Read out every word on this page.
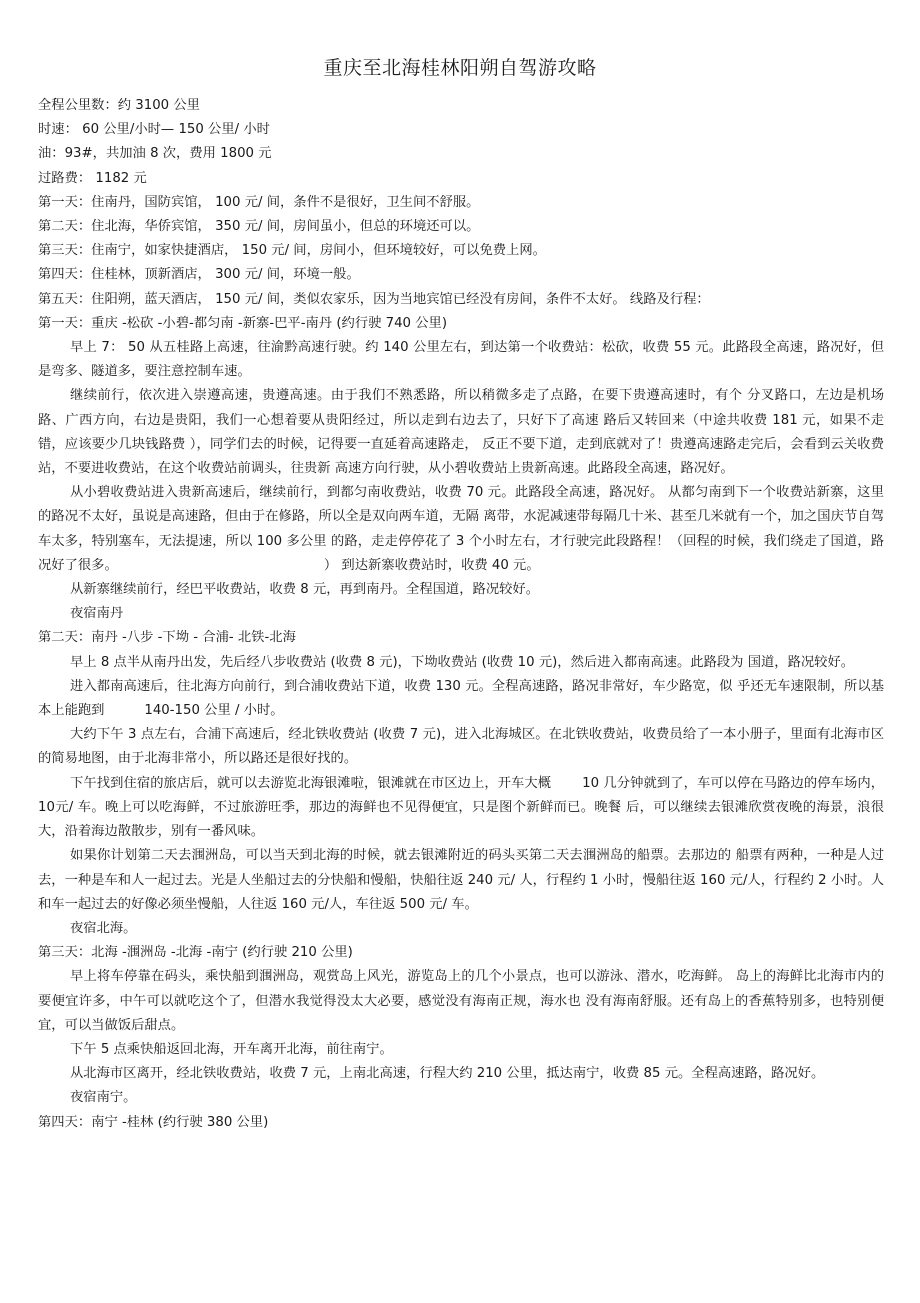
重庆至北海桂林阳朔自驾游攻略

全程公里数：约 3100 公里

时速： 60 公里/小时— 150 公里/ 小时

油：93#，共加油 8 次，费用 1800 元

过路费： 1182 元

第一天：住南丹，国防宾馆， 100 元/ 间，条件不是很好，卫生间不舒服。

第二天：住北海，华侨宾馆， 350 元/ 间，房间虽小，但总的环境还可以。

第三天：住南宁，如家快捷酒店， 150 元/ 间，房间小，但环境较好，可以免费上网。

第四天：住桂林，顶新酒店， 300 元/ 间，环境一般。

第五天：住阳朔，蓝天酒店， 150 元/ 间，类似农家乐，因为当地宾馆已经没有房间，条件不太好。 线路及行程：

第一天：重庆 -松砍 -小碧-都匀南 -新寨-巴平-南丹 (约行驶 740 公里)

早上 7： 50 从五桂路上高速，往渝黔高速行驶。约 140 公里左右，到达第一个收费站：松砍，收费 55 元。此路段全高速，路况好，但是弯多、隧道多，要注意控制车速。

继续前行，依次进入崇遵高速，贵遵高速。由于我们不熟悉路，所以稍微多走了点路，在要下贵遵高速时，有个 分叉路口，左边是机场路、广西方向，右边是贵阳，我们一心想着要从贵阳经过，所以走到右边去了，只好下了高速 路后又转回来（中途共收费 181 元，如果不走错，应该要少几块钱路费 ），同学们去的时候，记得要一直延着高速路走， 反正不要下道，走到底就对了！贵遵高速路走完后，会看到云关收费站，不要进收费站，在这个收费站前调头，往贵新 高速方向行驶，从小碧收费站上贵新高速。此路段全高速，路况好。

从小碧收费站进入贵新高速后，继续前行，到都匀南收费站，收费 70 元。此路段全高速，路况好。 从都匀南到下一个收费站新寨，这里的路况不太好，虽说是高速路，但由于在修路，所以全是双向两车道，无隔 离带，水泥减速带每隔几十米、甚至几米就有一个，加之国庆节自驾车太多，特别塞车，无法提速，所以 100 多公里 的路，走走停停花了 3 个小时左右，才行驶完此段路程！（回程的时候，我们绕走了国道，路况好了很多。　　　　　　　　　　　　　　　　） 到达新寨收费站时，收费 40 元。

从新寨继续前行，经巴平收费站，收费 8 元，再到南丹。全程国道，路况较好。

夜宿南丹

第二天：南丹 -八步 -下坳 - 合浦- 北铁-北海

早上 8 点半从南丹出发，先后经八步收费站 (收费 8 元)，下坳收费站 (收费 10 元)，然后进入都南高速。此路段为 国道，路况较好。

进入都南高速后，往北海方向前行，到合浦收费站下道，收费 130 元。全程高速路，路况非常好，车少路宽，似 乎还无车速限制，所以基本上能跑到　　　140-150 公里 / 小时。

大约下午 3 点左右，合浦下高速后，经北铁收费站 (收费 7 元)，进入北海城区。在北铁收费站，收费员给了一本小册子，里面有北海市区的简易地图，由于北海非常小，所以路还是很好找的。

下午找到住宿的旅店后，就可以去游览北海银滩啦，银滩就在市区边上，开车大概 　　10 几分钟就到了，车可以停在马路边的停车场内， 10元/ 车。晚上可以吃海鲜，不过旅游旺季，那边的海鲜也不见得便宜，只是图个新鲜而已。晚餐 后，可以继续去银滩欣赏夜晚的海景，浪很大，沿着海边散散步，别有一番风味。

如果你计划第二天去涠洲岛，可以当天到北海的时候，就去银滩附近的码头买第二天去涠洲岛的船票。去那边的 船票有两种，一种是人过去，一种是车和人一起过去。光是人坐船过去的分快船和慢船，快船往返 240 元/ 人，行程约 1 小时，慢船往返 160 元/人，行程约 2 小时。人和车一起过去的好像必须坐慢船，人往返 160 元/人，车往返 500 元/ 车。

夜宿北海。

第三天：北海 -涠洲岛 -北海 -南宁 (约行驶 210 公里)

早上将车停靠在码头，乘快船到涠洲岛，观赏岛上风光，游览岛上的几个小景点，也可以游泳、潜水，吃海鲜。 岛上的海鲜比北海市内的要便宜许多，中午可以就吃这个了，但潜水我觉得没太大必要，感觉没有海南正规，海水也 没有海南舒服。还有岛上的香蕉特别多，也特别便宜，可以当做饭后甜点。

下午 5 点乘快船返回北海，开车离开北海，前往南宁。

从北海市区离开，经北铁收费站，收费 7 元，上南北高速，行程大约 210 公里，抵达南宁，收费 85 元。全程高速路，路况好。

夜宿南宁。

第四天：南宁 -桂林 (约行驶 380 公里)
